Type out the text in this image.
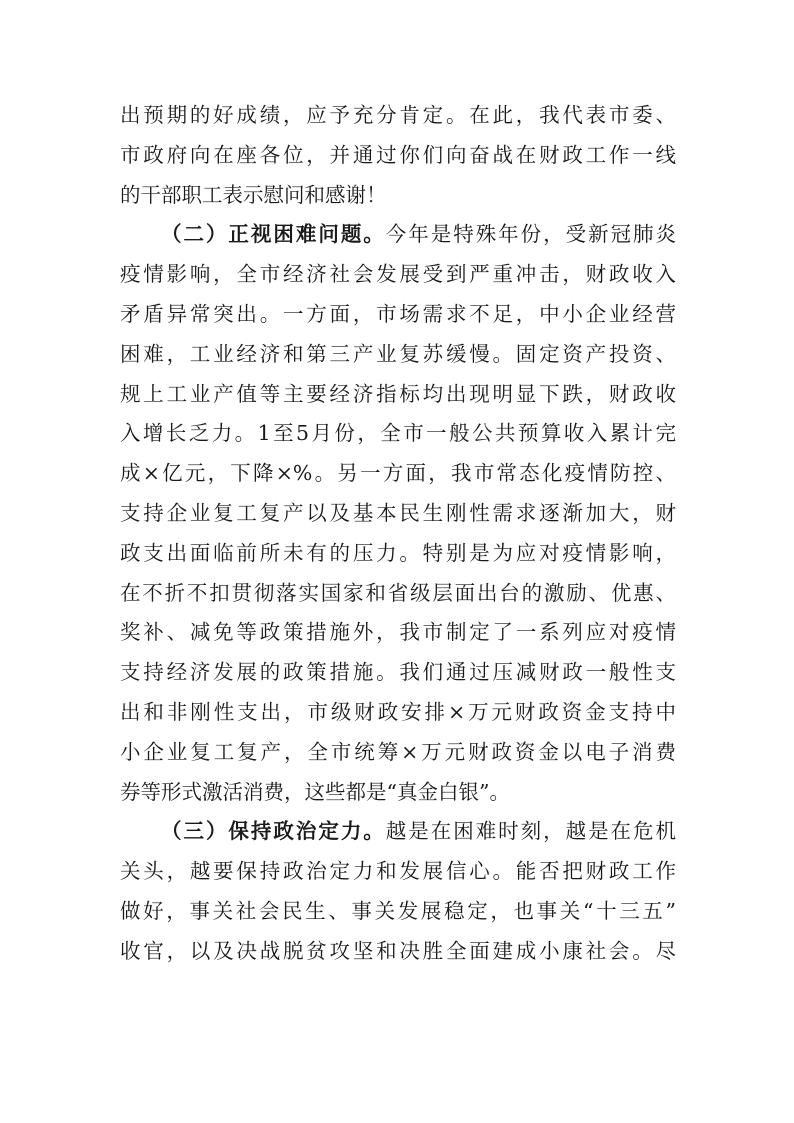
出预期的好成绩，应予充分肯定。在此，我代表市委、
市政府向在座各位，并通过你们向奋战在财政工作一线
的干部职工表示慰问和感谢！
（二）正视困难问题。今年是特殊年份，受新冠肺炎
疫情影响，全市经济社会发展受到严重冲击，财政收入
矛盾异常突出。一方面，市场需求不足，中小企业经营
困难，工业经济和第三产业复苏缓慢。固定资产投资、
规上工业产值等主要经济指标均出现明显下跌，财政收
入增长乏力。1至5月份，全市一般公共预算收入累计完
成×亿元，下降×%。另一方面，我市常态化疫情防控、
支持企业复工复产以及基本民生刚性需求逐渐加大，财
政支出面临前所未有的压力。特别是为应对疫情影响，
在不折不扣贯彻落实国家和省级层面出台的激励、优惠、
奖补、减免等政策措施外，我市制定了一系列应对疫情
支持经济发展的政策措施。我们通过压减财政一般性支
出和非刚性支出，市级财政安排×万元财政资金支持中
小企业复工复产，全市统筹×万元财政资金以电子消费
券等形式激活消费，这些都是“真金白银”。
（三）保持政治定力。越是在困难时刻，越是在危机
关头，越要保持政治定力和发展信心。能否把财政工作
做好，事关社会民生、事关发展稳定，也事关“十三五”
收官，以及决战脱贫攻坚和决胜全面建成小康社会。尽
